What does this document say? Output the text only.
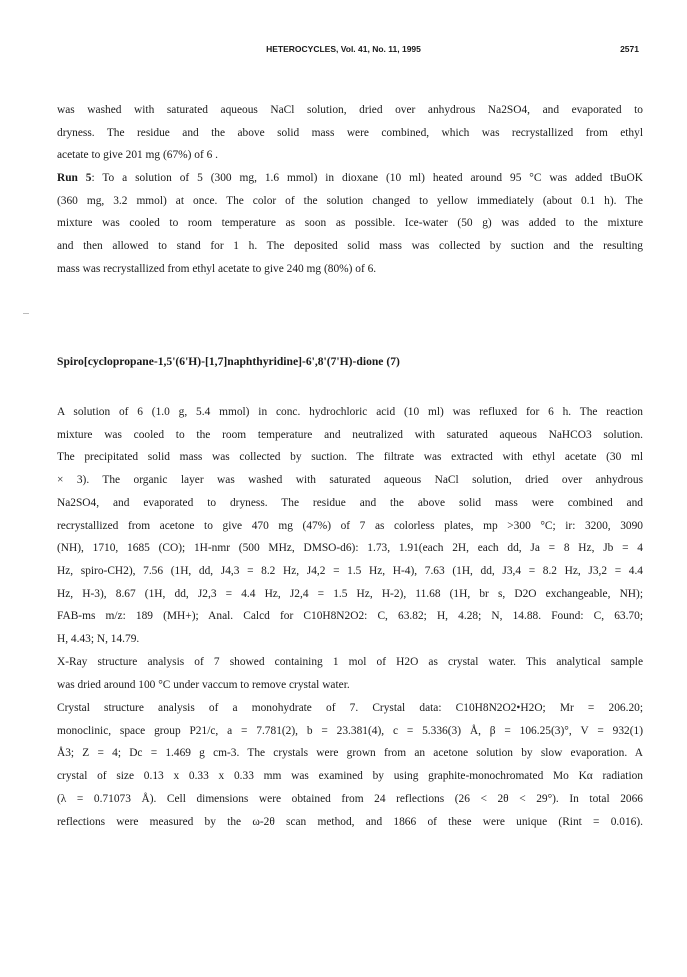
HETEROCYCLES, Vol. 41, No. 11, 1995	2571
was washed with saturated aqueous NaCl solution, dried over anhydrous Na2SO4, and evaporated to
dryness. The residue and the above solid mass were combined, which was recrystallized from ethyl
acetate to give 201 mg (67%) of 6 .
Run 5: To a solution of 5 (300 mg, 1.6 mmol) in dioxane (10 ml) heated around 95 °C was added tBuOK
(360 mg, 3.2 mmol) at once. The color of the solution changed to yellow immediately (about 0.1 h). The
mixture was cooled to room temperature as soon as possible. Ice-water (50 g) was added to the mixture
and then allowed to stand for 1 h. The deposited solid mass was collected by suction and the resulting
mass was recrystallized from ethyl acetate to give 240 mg (80%) of 6.
Spiro[cyclopropane-1,5'(6'H)-[1,7]naphthyridine]-6',8'(7'H)-dione (7)
A solution of 6 (1.0 g, 5.4 mmol) in conc. hydrochloric acid (10 ml) was refluxed for 6 h. The reaction
mixture was cooled to the room temperature and neutralized with saturated aqueous NaHCO3 solution.
The precipitated solid mass was collected by suction. The filtrate was extracted with ethyl acetate (30 ml
× 3). The organic layer was washed with saturated aqueous NaCl solution, dried over anhydrous
Na2SO4, and evaporated to dryness. The residue and the above solid mass were combined and
recrystallized from acetone to give 470 mg (47%) of 7 as colorless plates, mp >300 °C; ir: 3200, 3090
(NH), 1710, 1685 (CO); 1H-nmr (500 MHz, DMSO-d6): 1.73, 1.91(each 2H, each dd, Ja = 8 Hz, Jb = 4
Hz, spiro-CH2), 7.56 (1H, dd, J4,3 = 8.2 Hz, J4,2 = 1.5 Hz, H-4), 7.63 (1H, dd, J3,4 = 8.2 Hz, J3,2 = 4.4
Hz, H-3), 8.67 (1H, dd, J2,3 = 4.4 Hz, J2,4 = 1.5 Hz, H-2), 11.68 (1H, br s, D2O exchangeable, NH);
FAB-ms m/z: 189 (MH+); Anal. Calcd for C10H8N2O2: C, 63.82; H, 4.28; N, 14.88. Found: C, 63.70;
H, 4.43; N, 14.79.
X-Ray structure analysis of 7 showed containing 1 mol of H2O as crystal water. This analytical sample
was dried around 100 °C under vaccum to remove crystal water.
Crystal structure analysis of a monohydrate of 7. Crystal data: C10H8N2O2•H2O; Mr = 206.20;
monoclinic, space group P21/c, a = 7.781(2), b = 23.381(4), c = 5.336(3) Å, β = 106.25(3)°, V = 932(1)
Å3; Z = 4; Dc = 1.469 g cm-3. The crystals were grown from an acetone solution by slow evaporation. A
crystal of size 0.13 x 0.33 x 0.33 mm was examined by using graphite-monochromated Mo Kα radiation
(λ = 0.71073 Å). Cell dimensions were obtained from 24 reflections (26 < 2θ < 29°). In total 2066
reflections were measured by the ω-2θ scan method, and 1866 of these were unique (Rint = 0.016).
